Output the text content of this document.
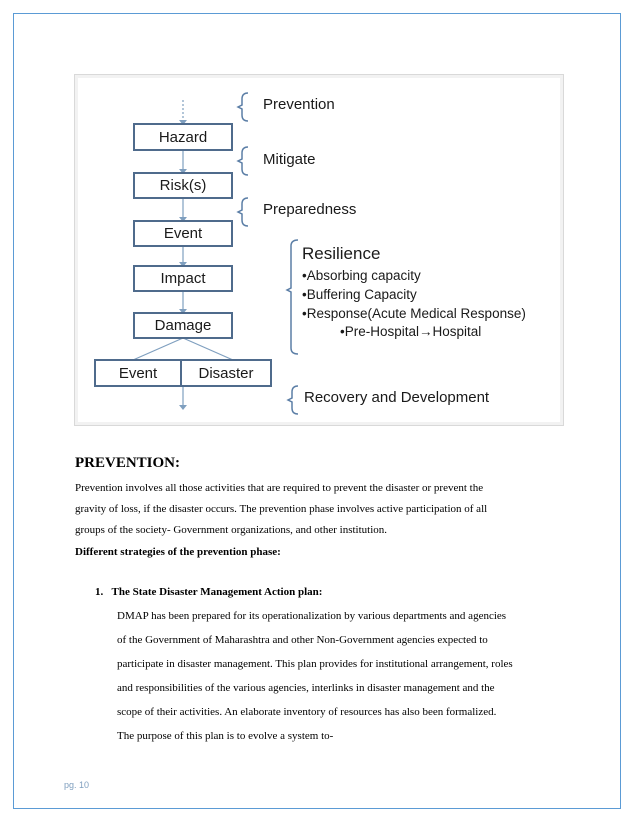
Hazard
Risk(s)
Event
Impact
Damage
Event	Disaster
Prevention
Mitigate
Preparedness
Resilience
•Absorbing capacity
•Buffering Capacity
•Response(Acute Medical Response)
•Pre-Hospital→Hospital
Recovery and Development
PREVENTION:
Prevention involves all those activities that are required to prevent the disaster or prevent the
gravity of loss, if the disaster occurs. The prevention phase involves active participation of all
groups of the society- Government organizations, and other institution.
Different strategies of the prevention phase:
1. The State Disaster Management Action plan:
DMAP has been prepared for its operationalization by various departments and agencies
of the Government of Maharashtra and other Non-Government agencies expected to
participate in disaster management. This plan provides for institutional arrangement, roles
and responsibilities of the various agencies, interlinks in disaster management and the
scope of their activities. An elaborate inventory of resources has also been formalized.
The purpose of this plan is to evolve a system to-
pg. 10
